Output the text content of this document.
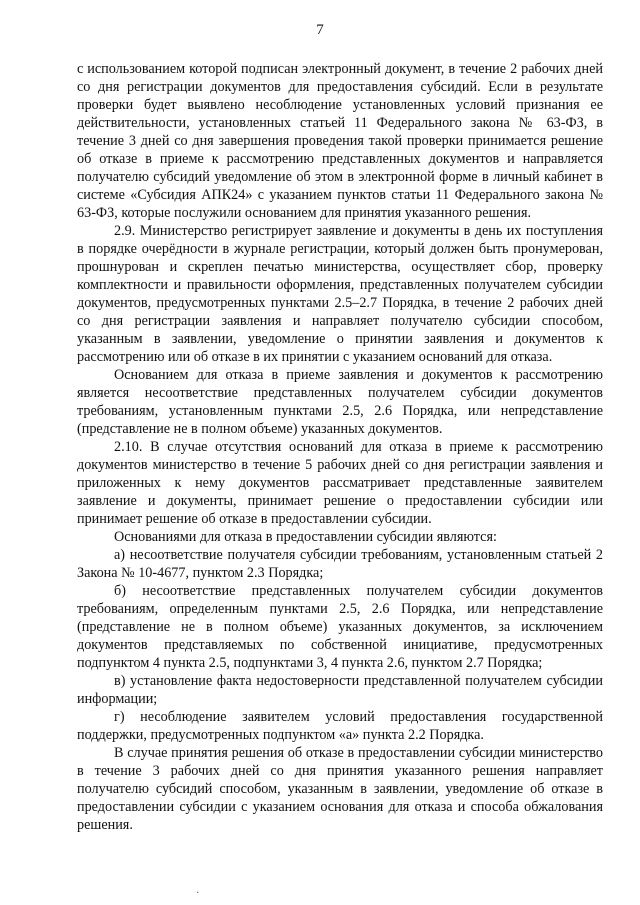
7

с использованием которой подписан электронный документ, в течение 2 рабочих дней со дня регистрации документов для предоставления субсидий. Если в результате проверки будет выявлено несоблюдение установленных условий признания ее действительности, установленных статьей 11 Федерального закона № 63-ФЗ, в течение 3 дней со дня завершения проведения такой проверки принимается решение об отказе в приеме к рассмотрению представленных документов и направляется получателю субсидий уведомление об этом в электронной форме в личный кабинет в системе «Субсидия АПК24» с указанием пунктов статьи 11 Федерального закона № 63-ФЗ, которые послужили основанием для принятия указанного решения.

2.9. Министерство регистрирует заявление и документы в день их поступления в порядке очерёдности в журнале регистрации, который должен быть пронумерован, прошнурован и скреплен печатью министерства, осуществляет сбор, проверку комплектности и правильности оформления, представленных получателем субсидии документов, предусмотренных пунктами 2.5–2.7 Порядка, в течение 2 рабочих дней со дня регистрации заявления и направляет получателю субсидии способом, указанным в заявлении, уведомление о принятии заявления и документов к рассмотрению или об отказе в их принятии с указанием оснований для отказа.

Основанием для отказа в приеме заявления и документов к рассмотрению является несоответствие представленных получателем субсидии документов требованиям, установленным пунктами 2.5, 2.6 Порядка, или непредставление (представление не в полном объеме) указанных документов.

2.10. В случае отсутствия оснований для отказа в приеме к рассмотрению документов министерство в течение 5 рабочих дней со дня регистрации заявления и приложенных к нему документов рассматривает представленные заявителем заявление и документы, принимает решение о предоставлении субсидии или принимает решение об отказе в предоставлении субсидии.

Основаниями для отказа в предоставлении субсидии являются:

а) несоответствие получателя субсидии требованиям, установленным статьей 2 Закона № 10-4677, пунктом 2.3 Порядка;

б) несоответствие представленных получателем субсидии документов требованиям, определенным пунктами 2.5, 2.6 Порядка, или непредставление (представление не в полном объеме) указанных документов, за исключением документов представляемых по собственной инициативе, предусмотренных подпунктом 4 пункта 2.5, подпунктами 3, 4 пункта 2.6, пунктом 2.7 Порядка;

в) установление факта недостоверности представленной получателем субсидии информации;

г) несоблюдение заявителем условий предоставления государственной поддержки, предусмотренных подпунктом «а» пункта 2.2 Порядка.

В случае принятия решения об отказе в предоставлении субсидии министерство в течение 3 рабочих дней со дня принятия указанного решения направляет получателю субсидий способом, указанным в заявлении, уведомление об отказе в предоставлении субсидии с указанием основания для отказа и способа обжалования решения.

·
